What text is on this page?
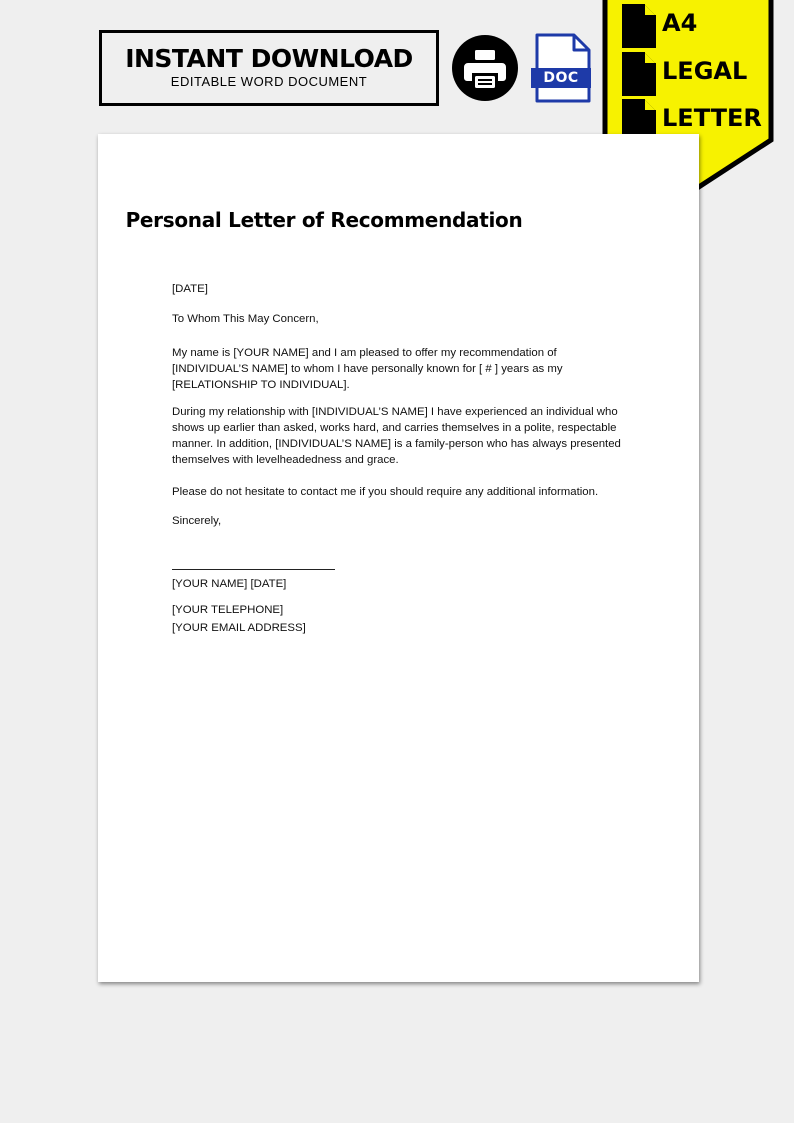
INSTANT DOWNLOAD
EDITABLE WORD DOCUMENT	DOC
A4
LEGAL
LETTER
Personal Letter of Recommendation

[DATE]

To Whom This May Concern,

My name is [YOUR NAME] and I am pleased to offer my recommendation of [INDIVIDUAL’S NAME] to whom I have personally known for [ # ] years as my [RELATIONSHIP TO INDIVIDUAL].

During my relationship with [INDIVIDUAL’S NAME] I have experienced an individual who shows up earlier than asked, works hard, and carries themselves in a polite, respectable manner. In addition, [INDIVIDUAL’S NAME] is a family-person who has always presented themselves with levelheadedness and grace.

Please do not hesitate to contact me if you should require any additional information.

Sincerely,

[YOUR NAME] [DATE]

[YOUR TELEPHONE]

[YOUR EMAIL ADDRESS]
